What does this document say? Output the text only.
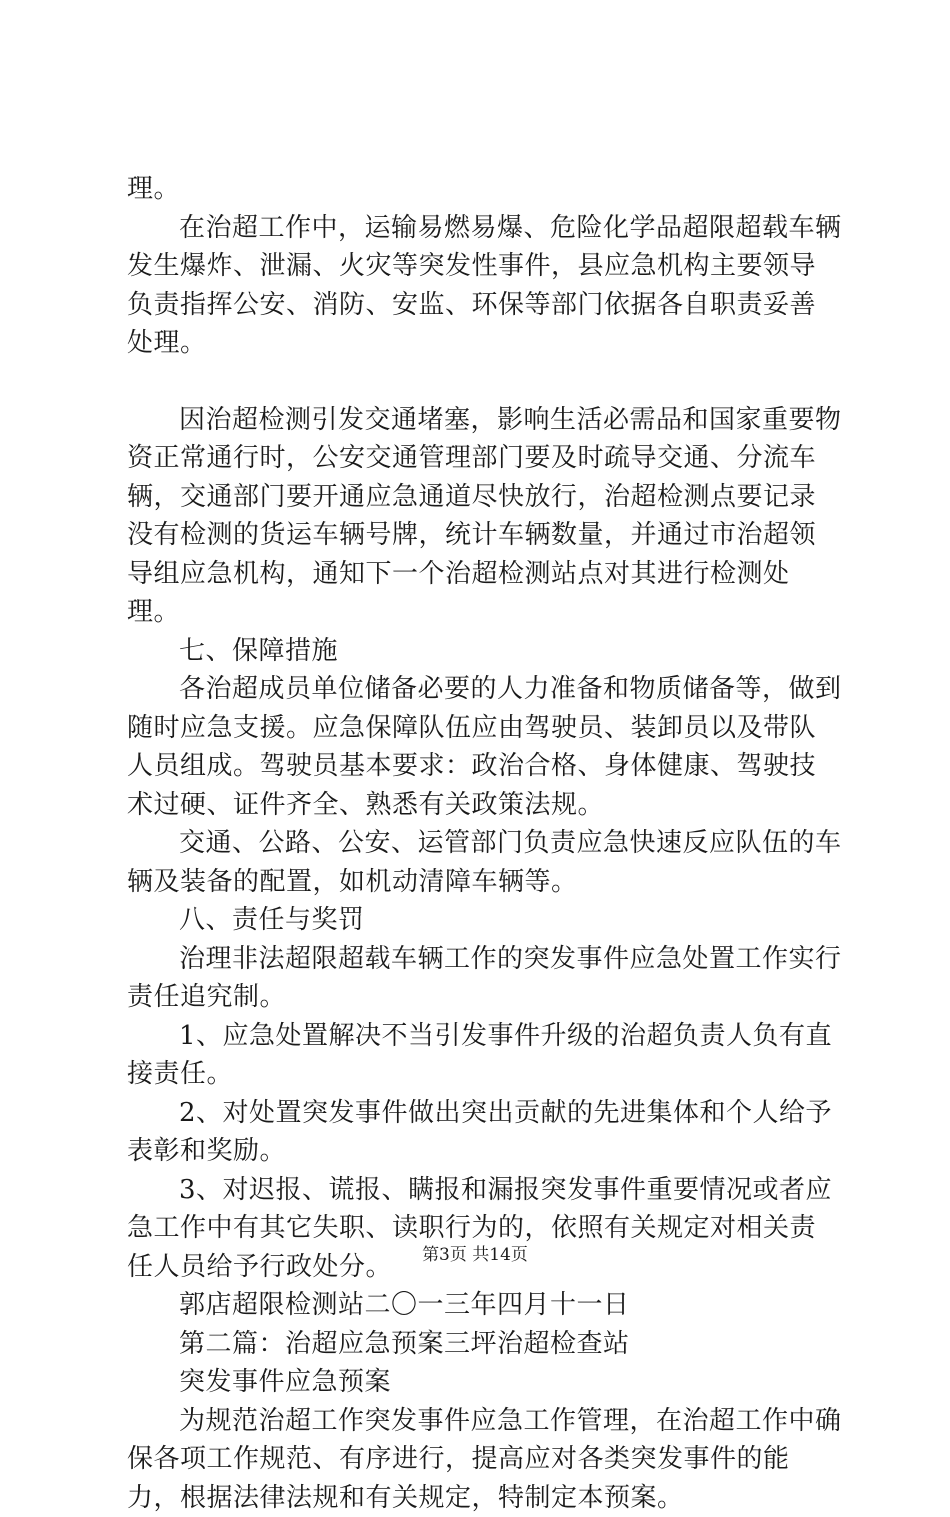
理。

在治超工作中，运输易燃易爆、危险化学品超限超载车辆发生爆炸、泄漏、火灾等突发性事件，县应急机构主要领导负责指挥公安、消防、安监、环保等部门依据各自职责妥善处理。

因治超检测引发交通堵塞，影响生活必需品和国家重要物资正常通行时，公安交通管理部门要及时疏导交通、分流车辆，交通部门要开通应急通道尽快放行，治超检测点要记录没有检测的货运车辆号牌，统计车辆数量，并通过市治超领导组应急机构，通知下一个治超检测站点对其进行检测处理。

七、保障措施

各治超成员单位储备必要的人力准备和物质储备等，做到随时应急支援。应急保障队伍应由驾驶员、装卸员以及带队人员组成。驾驶员基本要求：政治合格、身体健康、驾驶技术过硬、证件齐全、熟悉有关政策法规。

交通、公路、公安、运管部门负责应急快速反应队伍的车辆及装备的配置，如机动清障车辆等。

八、责任与奖罚

治理非法超限超载车辆工作的突发事件应急处置工作实行责任追究制。

1、应急处置解决不当引发事件升级的治超负责人负有直接责任。

2、对处置突发事件做出突出贡献的先进集体和个人给予表彰和奖励。

3、对迟报、谎报、瞒报和漏报突发事件重要情况或者应急工作中有其它失职、读职行为的，依照有关规定对相关责任人员给予行政处分。

郭店超限检测站二〇一三年四月十一日

第二篇：治超应急预案三坪治超检查站

突发事件应急预案

为规范治超工作突发事件应急工作管理，在治超工作中确保各项工作规范、有序进行，提高应对各类突发事件的能力，根据法律法规和有关规定，特制定本预案。

第3页 共14页
